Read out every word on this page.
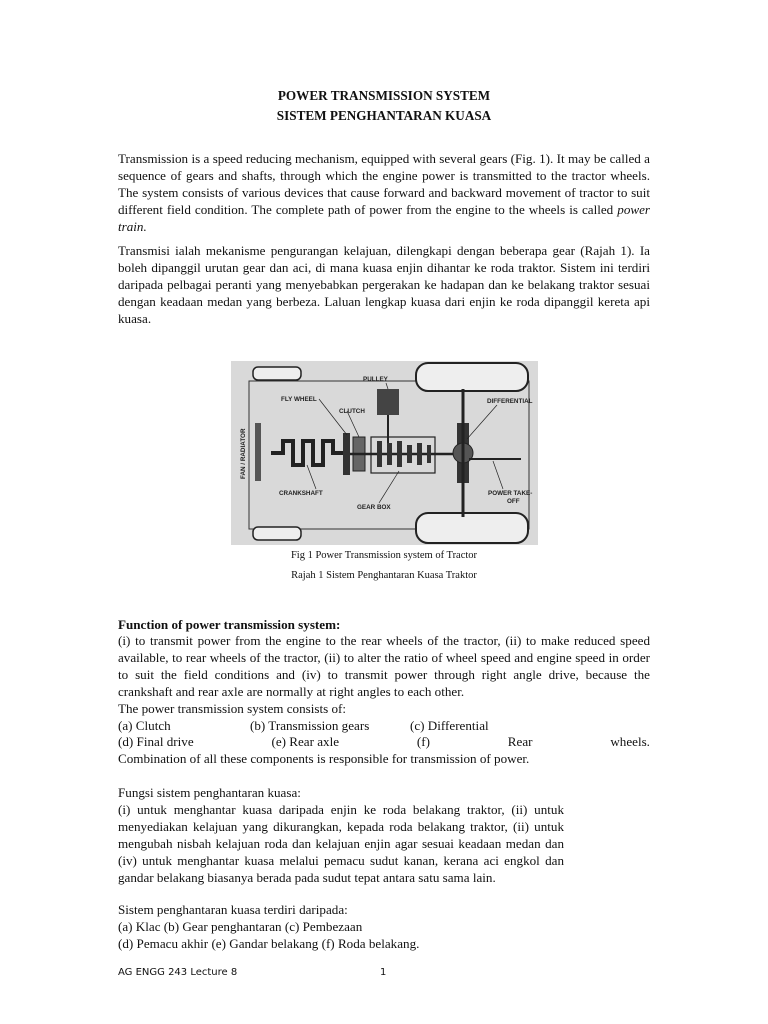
POWER TRANSMISSION SYSTEM
SISTEM PENGHANTARAN KUASA
Transmission is a speed reducing mechanism, equipped with several gears (Fig. 1). It may be called a sequence of gears and shafts, through which the engine power is transmitted to the tractor wheels. The system consists of various devices that cause forward and backward movement of tractor to suit different field condition. The complete path of power from the engine to the wheels is called power train.
Transmisi ialah mekanisme pengurangan kelajuan, dilengkapi dengan beberapa gear (Rajah 1). Ia boleh dipanggil urutan gear dan aci, di mana kuasa enjin dihantar ke roda traktor. Sistem ini terdiri daripada pelbagai peranti yang menyebabkan pergerakan ke hadapan dan ke belakang traktor sesuai dengan keadaan medan yang berbeza. Laluan lengkap kuasa dari enjin ke roda dipanggil kereta api kuasa.
PULLEY
FLY WHEEL
CLUTCH
DIFFERENTIAL
FAN / RADIATOR
CRANKSHAFT
GEAR BOX
POWER TAKE-
OFF
Fig 1 Power Transmission system of Tractor
Rajah 1 Sistem Penghantaran Kuasa Traktor
Function of power transmission system:
(i) to transmit power from the engine to the rear wheels of the tractor, (ii) to make reduced speed available, to rear wheels of the tractor, (ii) to alter the ratio of wheel speed and engine speed in order to suit the field conditions and (iv) to transmit power through right angle drive, because the crankshaft and rear axle are normally at right angles to each other.
The power transmission system consists of:
(a) Clutch	(b) Transmission gears	(c) Differential
(d) Final drive	(e) Rear axle	(f)	Rear	wheels.
Combination of all these components is responsible for transmission of power.
Fungsi sistem penghantaran kuasa:
(i) untuk menghantar kuasa daripada enjin ke roda belakang traktor, (ii) untuk menyediakan kelajuan yang dikurangkan, kepada roda belakang traktor, (ii) untuk mengubah nisbah kelajuan roda dan kelajuan enjin agar sesuai keadaan medan dan (iv) untuk menghantar kuasa melalui pemacu sudut kanan, kerana aci engkol dan gandar belakang biasanya berada pada sudut tepat antara satu sama lain.
Sistem penghantaran kuasa terdiri daripada:
(a) Klac (b) Gear penghantaran (c) Pembezaan
(d) Pemacu akhir (e) Gandar belakang (f) Roda belakang.
AG ENGG 243 Lecture 8	1
